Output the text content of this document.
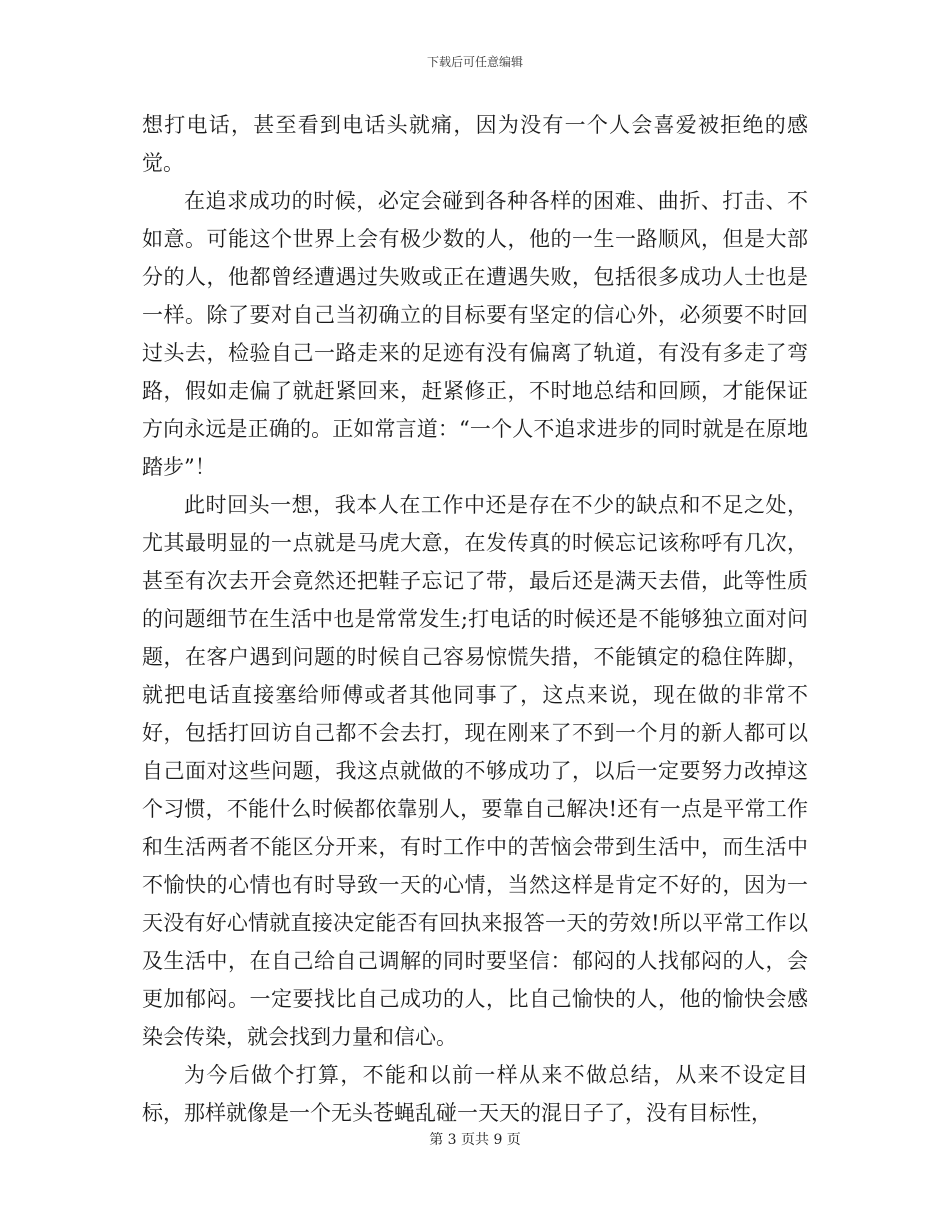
下载后可任意编辑

想打电话，甚至看到电话头就痛，因为没有一个人会喜爱被拒绝的感觉。

在追求成功的时候，必定会碰到各种各样的困难、曲折、打击、不如意。可能这个世界上会有极少数的人，他的一生一路顺风，但是大部分的人，他都曾经遭遇过失败或正在遭遇失败，包括很多成功人士也是一样。除了要对自己当初确立的目标要有坚定的信心外，必须要不时回过头去，检验自己一路走来的足迹有没有偏离了轨道，有没有多走了弯路，假如走偏了就赶紧回来，赶紧修正，不时地总结和回顾，才能保证方向永远是正确的。正如常言道：“一个人不追求进步的同时就是在原地踏步”！

此时回头一想，我本人在工作中还是存在不少的缺点和不足之处，尤其最明显的一点就是马虎大意，在发传真的时候忘记该称呼有几次，甚至有次去开会竟然还把鞋子忘记了带，最后还是满天去借，此等性质的问题细节在生活中也是常常发生;打电话的时候还是不能够独立面对问题，在客户遇到问题的时候自己容易惊慌失措，不能镇定的稳住阵脚，就把电话直接塞给师傅或者其他同事了，这点来说，现在做的非常不好，包括打回访自己都不会去打，现在刚来了不到一个月的新人都可以自己面对这些问题，我这点就做的不够成功了，以后一定要努力改掉这个习惯，不能什么时候都依靠别人，要靠自己解决!还有一点是平常工作和生活两者不能区分开来，有时工作中的苦恼会带到生活中，而生活中不愉快的心情也有时导致一天的心情，当然这样是肯定不好的，因为一天没有好心情就直接决定能否有回执来报答一天的劳效!所以平常工作以及生活中，在自己给自己调解的同时要坚信：郁闷的人找郁闷的人，会更加郁闷。一定要找比自己成功的人，比自己愉快的人，他的愉快会感染会传染，就会找到力量和信心。

为今后做个打算，不能和以前一样从来不做总结，从来不设定目标，那样就像是一个无头苍蝇乱碰一天天的混日子了，没有目标性，

第 3 页共 9 页
